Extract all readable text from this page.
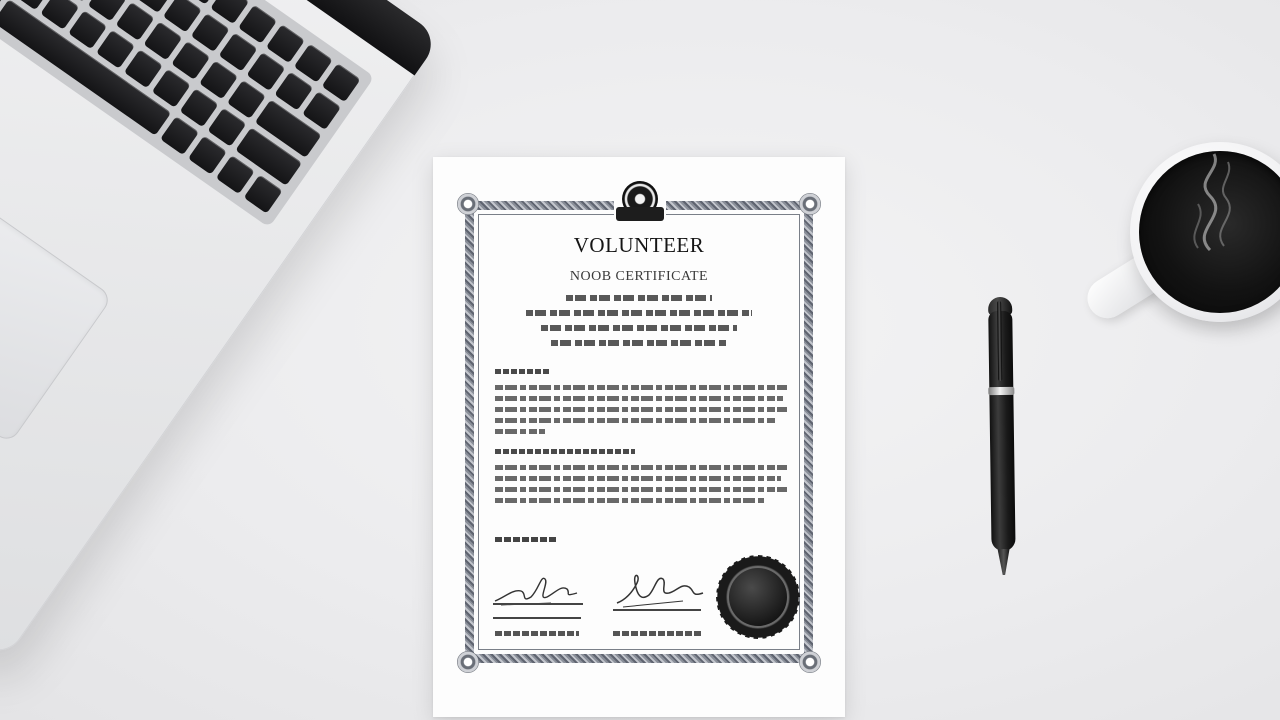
VOLUNTEER
NOOB CERTIFICATE
